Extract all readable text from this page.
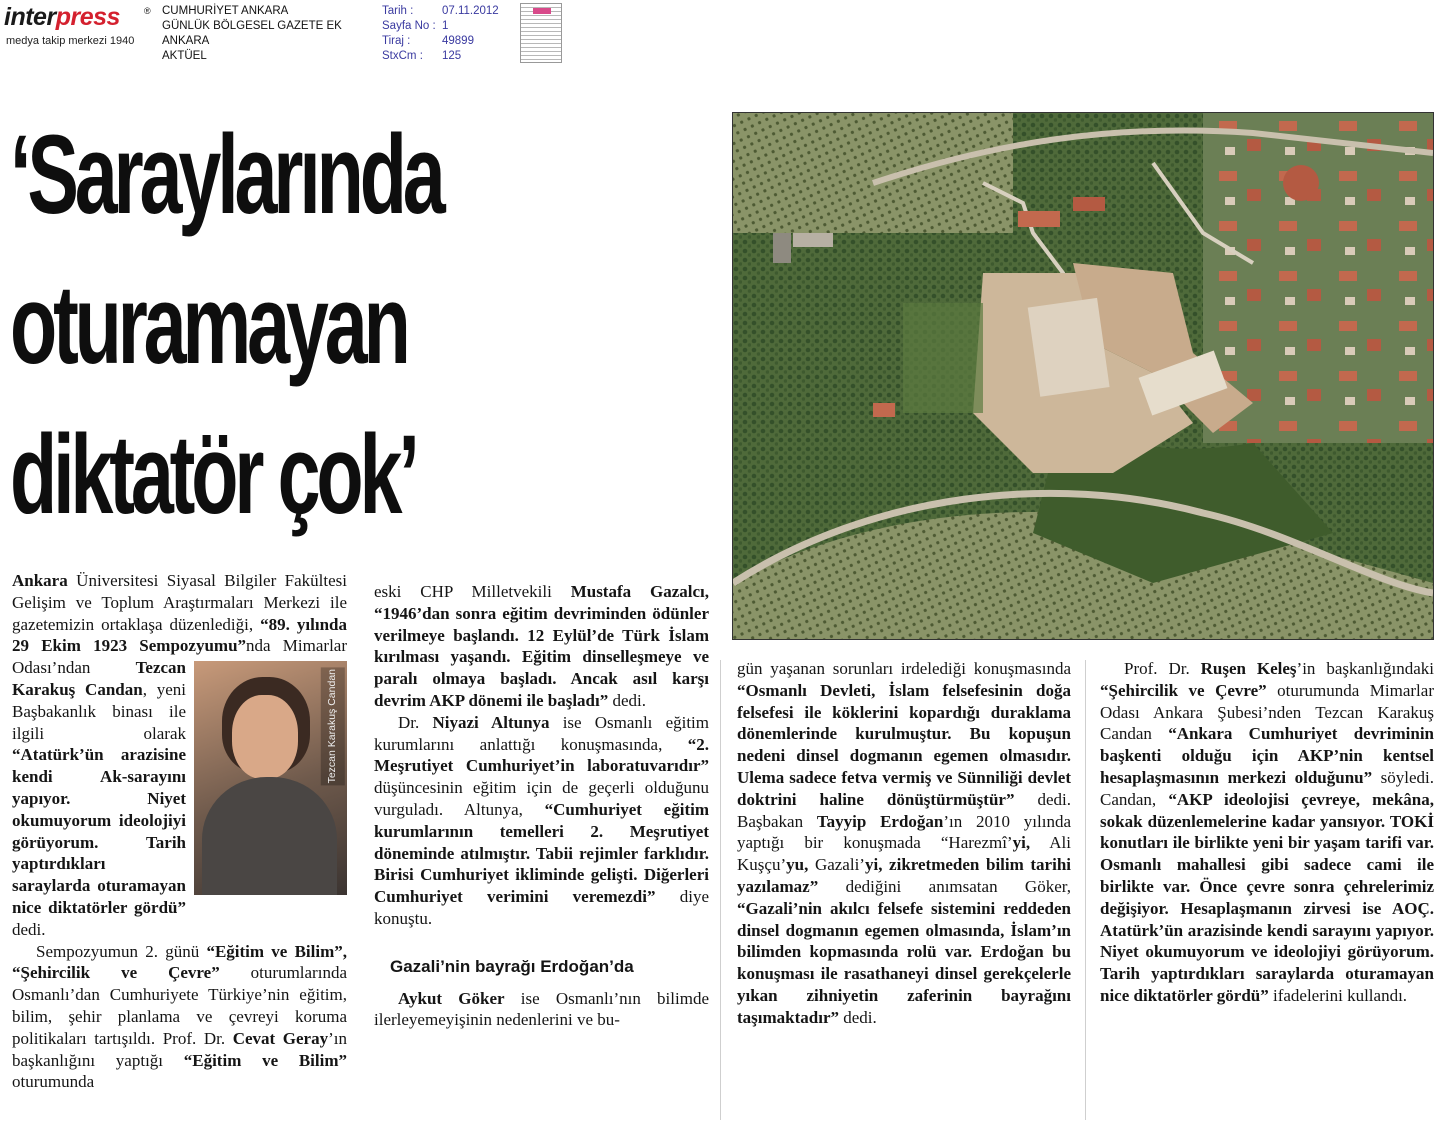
interpress	®
medya takip merkezi 1940
CUMHURİYET ANKARA
GÜNLÜK BÖLGESEL GAZETE EK
ANKARA
AKTÜEL
Tarih :	07.11.2012
Sayfa No : 1
Tiraj :	49899
StxCm :	125
‘Saraylarında
oturamayan
diktatör çok’

Ankara Üniversitesi Siyasal Bilgiler Fakültesi Gelişim ve Toplum Araştırmaları Merkezi ile gazetemizin ortaklaşa düzenlediği, “89. yılında 29 Ekim 1923 Sempozyumu”nda
Tezcan Karakuş Candan
Mimarlar Odası’ndan Tezcan Karakuş Candan, yeni Başbakanlık binası ile ilgili olarak “Atatürk’ün arazisine kendi Ak-sarayını yapıyor. Niyet okumuyorum ideolojiyi görüyorum. Tarih yaptırdıkları saraylarda oturamayan nice diktatörler gördü” dedi.

Sempozyumun 2. günü “Eğitim ve Bilim”, “Şehircilik ve Çevre” oturumlarında Osmanlı’dan Cumhuriyete Türkiye’nin eğitim, bilim, şehir planlama ve çevreyi koruma politikaları tartışıldı. Prof. Dr. Cevat Geray’ın başkanlığını yaptığı “Eğitim ve Bilim” oturumunda

eski CHP Milletvekili Mustafa Gazalcı, “1946’dan sonra eğitim devriminden ödünler verilmeye başlandı. 12 Eylül’de Türk İslam kırılması yaşandı. Eğitim dinselleşmeye ve paralı olmaya başladı. Ancak asıl karşı devrim AKP dönemi ile başladı” dedi.

Dr. Niyazi Altunya ise Osmanlı eğitim kurumlarını anlattığı konuşmasında, “2. Meşrutiyet Cumhuriyet’in laboratuvarıdır” düşüncesinin eğitim için de geçerli olduğunu vurguladı. Altunya, “Cumhuriyet eğitim kurumlarının temelleri 2. Meşrutiyet döneminde atılmıştır. Tabii rejimler farklıdır. Birisi Cumhuriyet ikliminde gelişti. Diğerleri Cumhuriyet verimini veremezdi” diye konuştu.

Gazali’nin bayrağı Erdoğan’da

Aykut Göker ise Osmanlı’nın bilimde ilerleyemeyişinin nedenlerini ve bu-

gün yaşanan sorunları irdelediği konuşmasında “Osmanlı Devleti, İslam felsefesinin doğa felsefesi ile köklerini kopardığı duraklama dönemlerinde kurulmuştur. Bu kopuşun nedeni dinsel dogmanın egemen olmasıdır. Ulema sadece fetva vermiş ve Sünniliği devlet doktrini haline dönüştürmüştür” dedi. Başbakan Tayyip Erdoğan’ın 2010 yılında yaptığı bir konuşmada “Harezmî’yi, Ali Kuşçu’yu, Gazali’yi, zikretmeden bilim tarihi yazılamaz” dediğini anımsatan Göker, “Gazali’nin akılcı felsefe sistemini reddeden dinsel dogmanın egemen olmasında, İslam’ın bilimden kopmasında rolü var. Erdoğan bu konuşması ile rasathaneyi dinsel gerekçelerle yıkan zihniyetin zaferinin bayrağını taşımaktadır” dedi.

Prof. Dr. Ruşen Keleş’in başkanlığındaki “Şehircilik ve Çevre” oturumunda Mimarlar Odası Ankara Şubesi’nden Tezcan Karakuş Candan “Ankara Cumhuriyet devriminin başkenti olduğu için AKP’nin kentsel hesaplaşmasının merkezi olduğunu” söyledi. Candan, “AKP ideolojisi çevreye, mekâna, sokak düzenlemelerine kadar yansıyor. TOKİ konutları ile birlikte yeni bir yaşam tarifi var. Osmanlı mahallesi gibi sadece cami ile birlikte var. Önce çevre sonra çehrelerimiz değişiyor. Hesaplaşmanın zirvesi ise AOÇ. Atatürk’ün arazisinde kendi sarayını yapıyor. Niyet okumuyorum ve ideolojiyi görüyorum. Tarih yaptırdıkları saraylarda oturamayan nice diktatörler gördü” ifadelerini kullandı.
